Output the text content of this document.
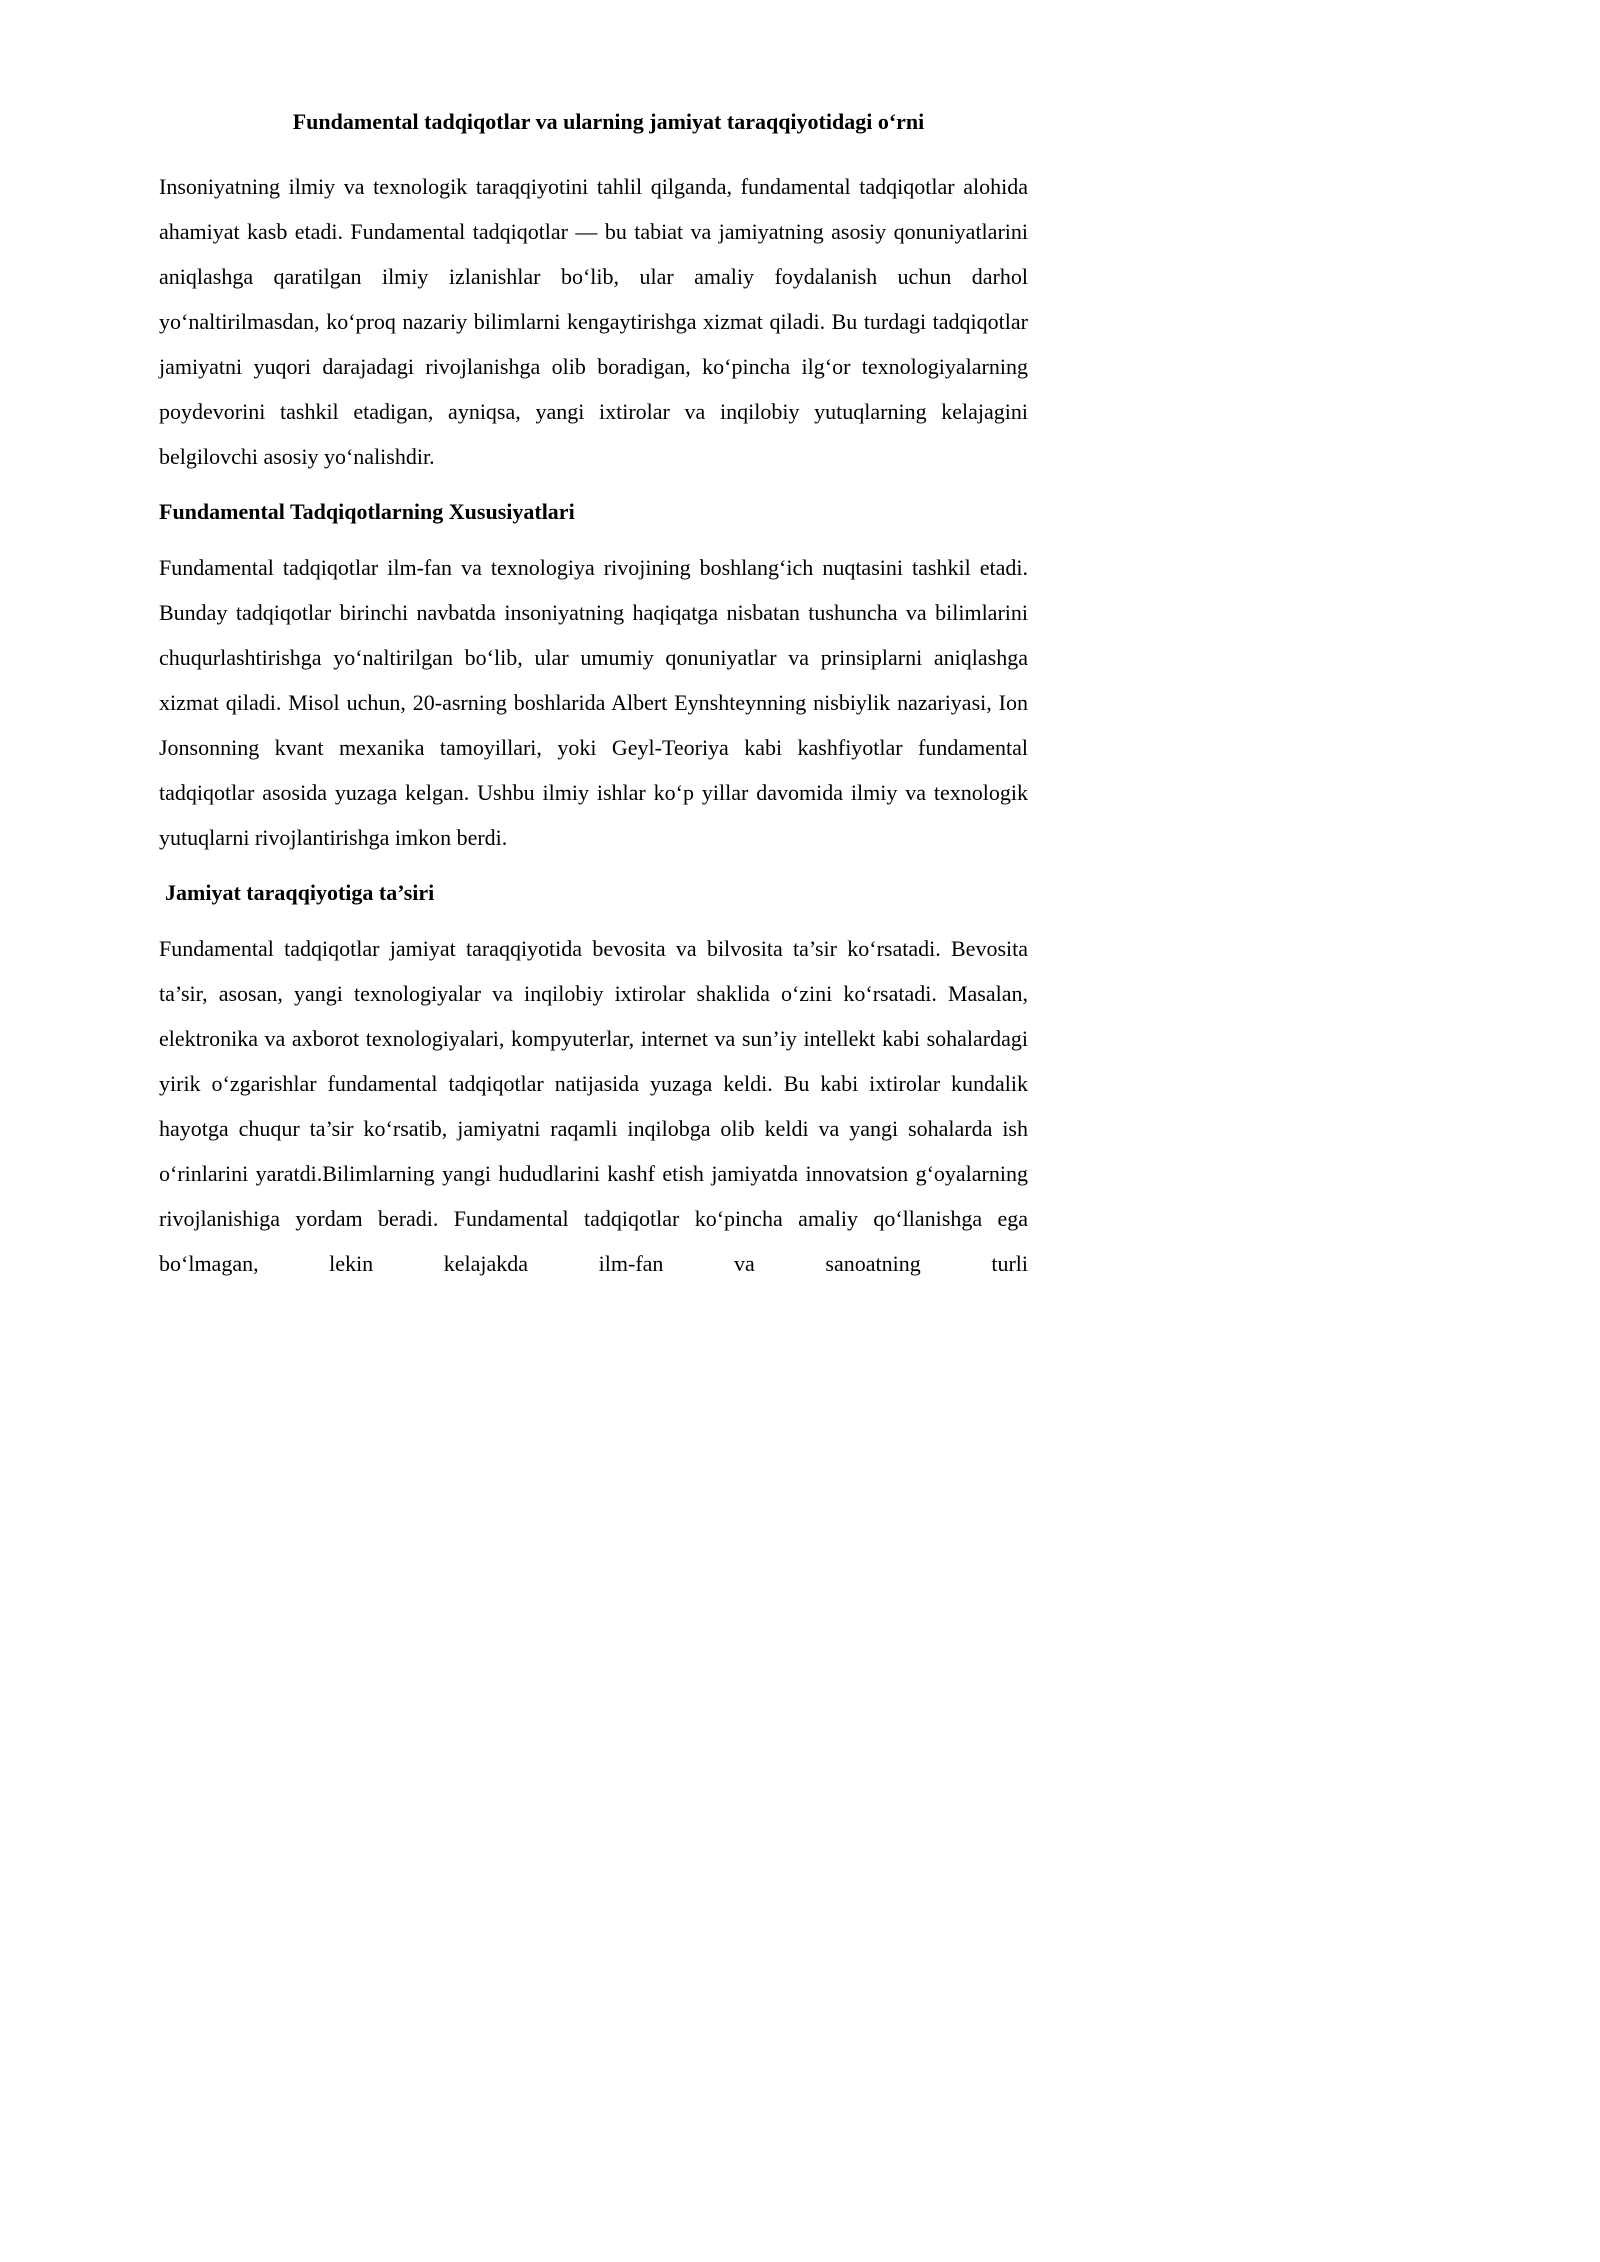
Fundamental tadqiqotlar va ularning jamiyat taraqqiyotidagi o‘rni

Insoniyatning ilmiy va texnologik taraqqiyotini tahlil qilganda, fundamental tadqiqotlar alohida ahamiyat kasb etadi. Fundamental tadqiqotlar — bu tabiat va jamiyatning asosiy qonuniyatlarini aniqlashga qaratilgan ilmiy izlanishlar bo‘lib, ular amaliy foydalanish uchun darhol yo‘naltirilmasdan, ko‘proq nazariy bilimlarni kengaytirishga xizmat qiladi. Bu turdagi tadqiqotlar jamiyatni yuqori darajadagi rivojlanishga olib boradigan, ko‘pincha ilg‘or texnologiyalarning poydevorini tashkil etadigan, ayniqsa, yangi ixtirolar va inqilobiy yutuqlarning kelajagini belgilovchi asosiy yo‘nalishdir.

Fundamental Tadqiqotlarning Xususiyatlari

Fundamental tadqiqotlar ilm-fan va texnologiya rivojining boshlang‘ich nuqtasini tashkil etadi. Bunday tadqiqotlar birinchi navbatda insoniyatning haqiqatga nisbatan tushuncha va bilimlarini chuqurlashtirishga yo‘naltirilgan bo‘lib, ular umumiy qonuniyatlar va prinsiplarni aniqlashga xizmat qiladi. Misol uchun, 20-asrning boshlarida Albert Eynshteynning nisbiylik nazariyasi, Ion Jonsonning kvant mexanika tamoyillari, yoki Geyl-Teoriya kabi kashfiyotlar fundamental tadqiqotlar asosida yuzaga kelgan. Ushbu ilmiy ishlar ko‘p yillar davomida ilmiy va texnologik yutuqlarni rivojlantirishga imkon berdi.

Jamiyat taraqqiyotiga ta’siri

Fundamental tadqiqotlar jamiyat taraqqiyotida bevosita va bilvosita ta’sir ko‘rsatadi. Bevosita ta’sir, asosan, yangi texnologiyalar va inqilobiy ixtirolar shaklida o‘zini ko‘rsatadi. Masalan, elektronika va axborot texnologiyalari, kompyuterlar, internet va sun’iy intellekt kabi sohalardagi yirik o‘zgarishlar fundamental tadqiqotlar natijasida yuzaga keldi. Bu kabi ixtirolar kundalik hayotga chuqur ta’sir ko‘rsatib, jamiyatni raqamli inqilobga olib keldi va yangi sohalarda ish o‘rinlarini yaratdi.Bilimlarning yangi hududlarini kashf etish jamiyatda innovatsion g‘oyalarning rivojlanishiga yordam beradi. Fundamental tadqiqotlar ko‘pincha amaliy qo‘llanishga ega bo‘lmagan, lekin kelajakda ilm-fan va sanoatning turli
